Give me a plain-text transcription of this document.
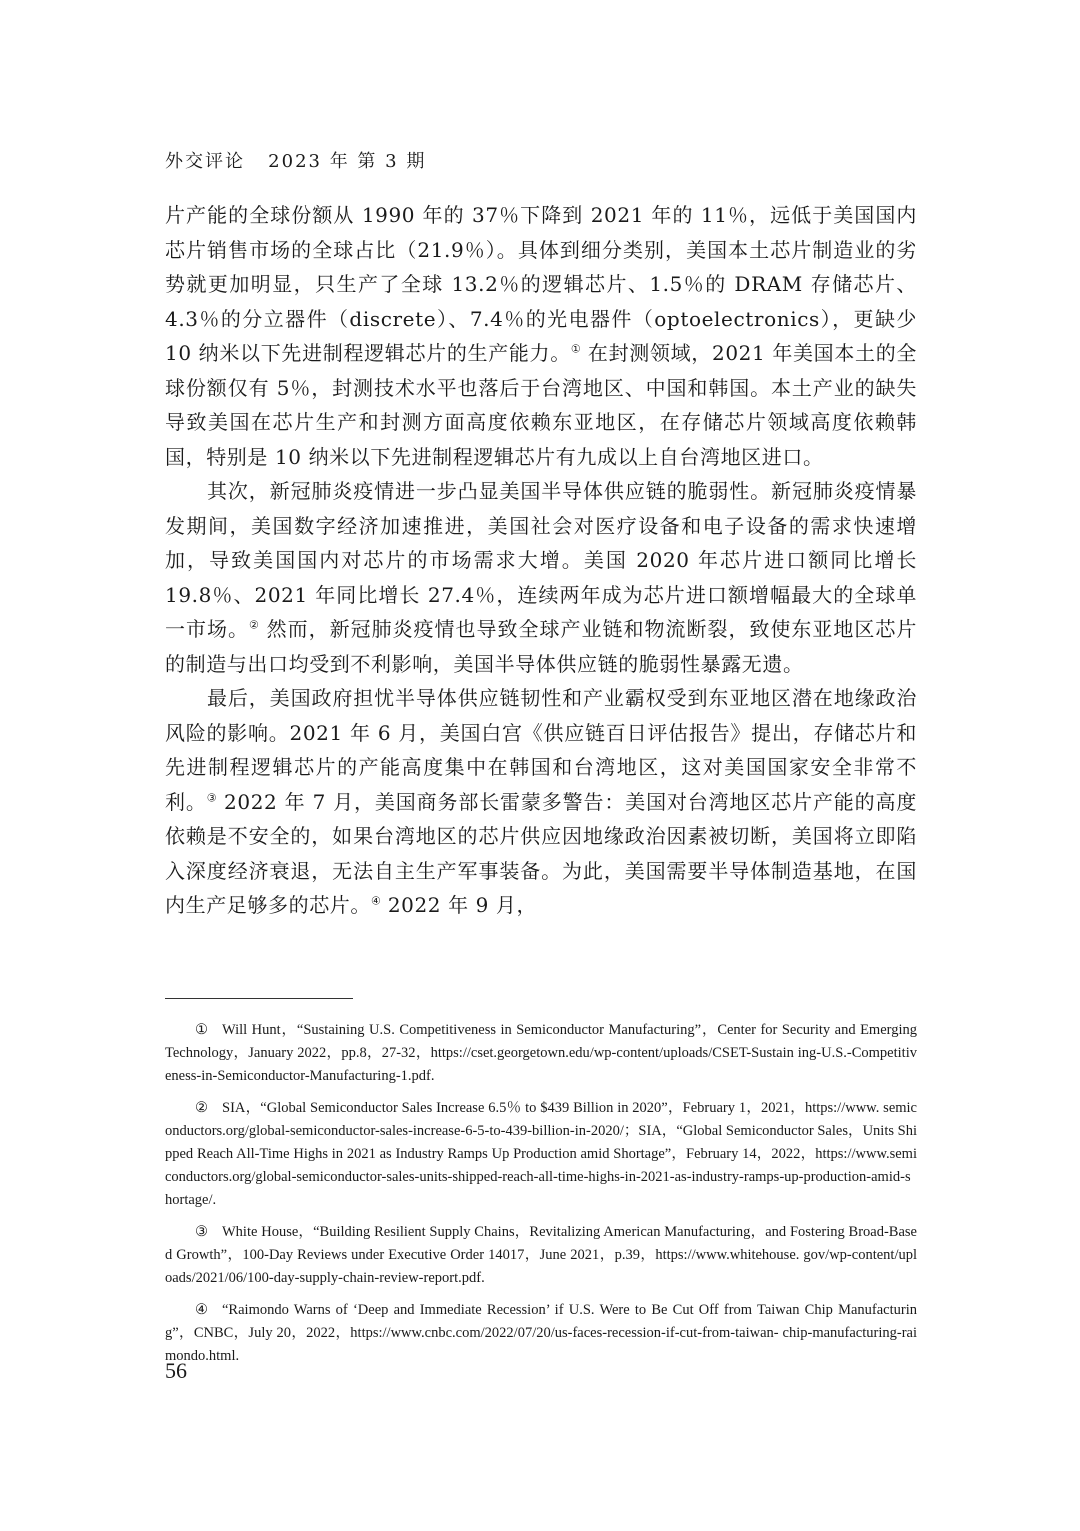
外交评论 2023 年 第 3 期

片产能的全球份额从 1990 年的 37％下降到 2021 年的 11％，远低于美国国内芯片销售市场的全球占比（21.9％）。具体到细分类别，美国本土芯片制造业的劣势就更加明显，只生产了全球 13.2％的逻辑芯片、1.5％的 DRAM 存储芯片、4.3％的分立器件（discrete）、7.4％的光电器件（optoelectronics），更缺少 10 纳米以下先进制程逻辑芯片的生产能力。① 在封测领域，2021 年美国本土的全球份额仅有 5％，封测技术水平也落后于台湾地区、中国和韩国。本土产业的缺失导致美国在芯片生产和封测方面高度依赖东亚地区，在存储芯片领域高度依赖韩国，特别是 10 纳米以下先进制程逻辑芯片有九成以上自台湾地区进口。

其次，新冠肺炎疫情进一步凸显美国半导体供应链的脆弱性。新冠肺炎疫情暴发期间，美国数字经济加速推进，美国社会对医疗设备和电子设备的需求快速增加，导致美国国内对芯片的市场需求大增。美国 2020 年芯片进口额同比增长 19.8％、2021 年同比增长 27.4％，连续两年成为芯片进口额增幅最大的全球单一市场。② 然而，新冠肺炎疫情也导致全球产业链和物流断裂，致使东亚地区芯片的制造与出口均受到不利影响，美国半导体供应链的脆弱性暴露无遗。

最后，美国政府担忧半导体供应链韧性和产业霸权受到东亚地区潜在地缘政治风险的影响。2021 年 6 月，美国白宫《供应链百日评估报告》提出，存储芯片和先进制程逻辑芯片的产能高度集中在韩国和台湾地区，这对美国国家安全非常不利。③ 2022 年 7 月，美国商务部长雷蒙多警告：美国对台湾地区芯片产能的高度依赖是不安全的，如果台湾地区的芯片供应因地缘政治因素被切断，美国将立即陷入深度经济衰退，无法自主生产军事装备。为此，美国需要半导体制造基地，在国内生产足够多的芯片。④ 2022 年 9 月，

① Will Hunt，“Sustaining U.S. Competitiveness in Semiconductor Manufacturing”，Center for Security and Emerging Technology，January 2022，pp.8，27-32，https://cset.georgetown.edu/wp-content/uploads/CSET-Sustain ing-U.S.-Competitiveness-in-Semiconductor-Manufacturing-1.pdf.

② SIA，“Global Semiconductor Sales Increase 6.5％ to $439 Billion in 2020”，February 1，2021，https://www. semiconductors.org/global-semiconductor-sales-increase-6-5-to-439-billion-in-2020/；SIA，“Global Semiconductor Sales，Units Shipped Reach All-Time Highs in 2021 as Industry Ramps Up Production amid Shortage”，February 14，2022，https://www.semiconductors.org/global-semiconductor-sales-units-shipped-reach-all-time-highs-in-2021-as-industry-ramps-up-production-amid-shortage/.

③ White House，“Building Resilient Supply Chains，Revitalizing American Manufacturing，and Fostering Broad-Based Growth”，100-Day Reviews under Executive Order 14017，June 2021，p.39，https://www.whitehouse. gov/wp-content/uploads/2021/06/100-day-supply-chain-review-report.pdf.

④ “Raimondo Warns of ‘Deep and Immediate Recession’ if U.S. Were to Be Cut Off from Taiwan Chip Manufacturing”，CNBC，July 20，2022，https://www.cnbc.com/2022/07/20/us-faces-recession-if-cut-from-taiwan- chip-manufacturing-raimondo.html.

56
